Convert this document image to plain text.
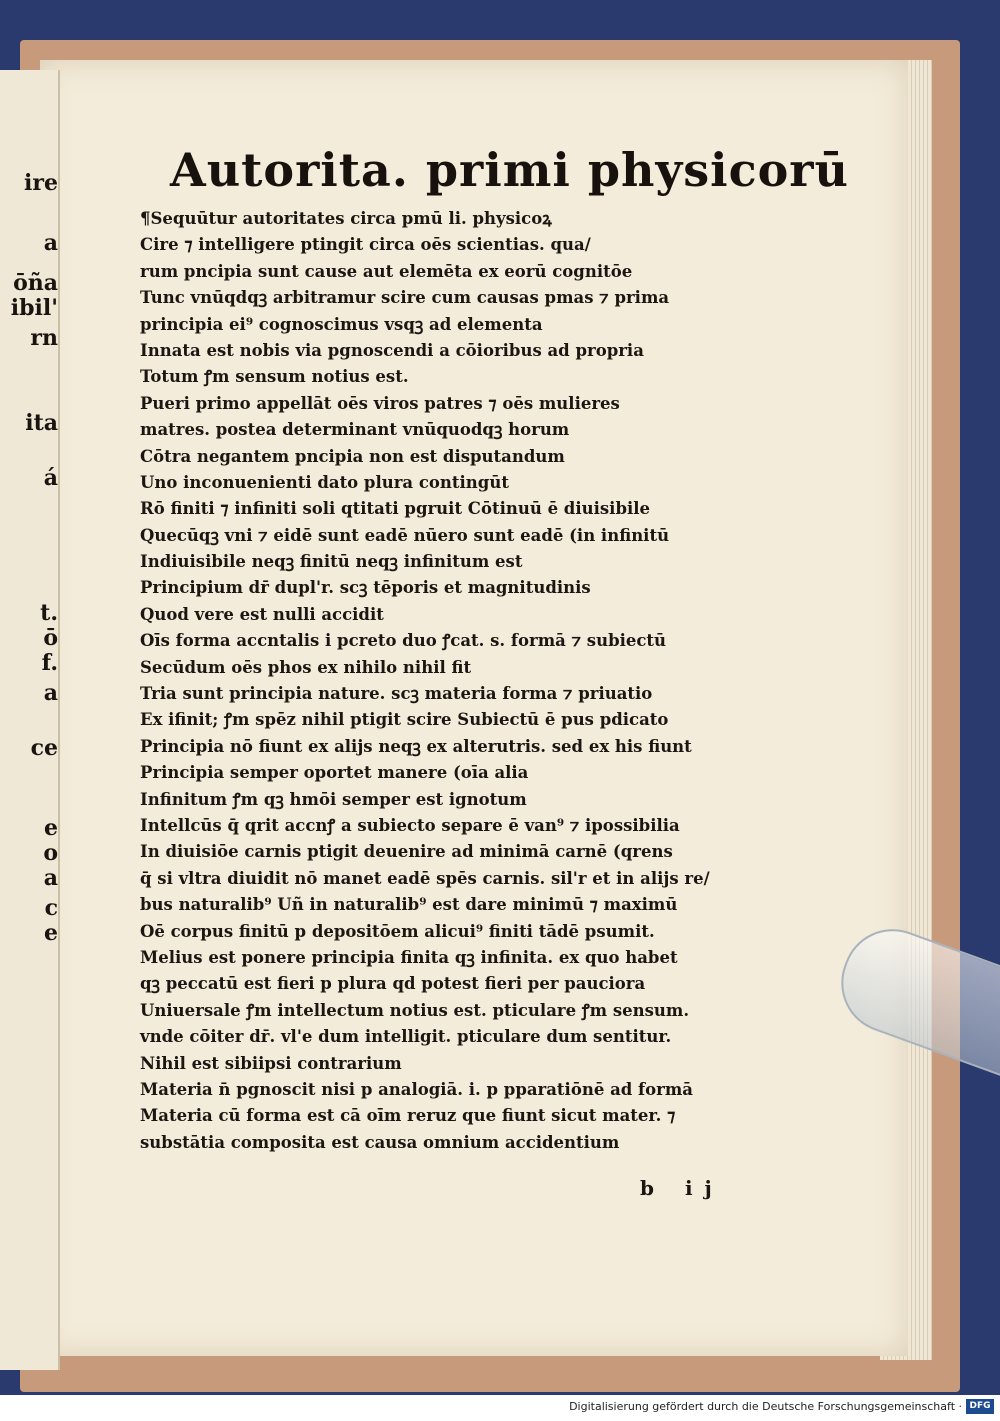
ire
a
ōña
ibil'
rn
ita
á
t.
ō
f.
a
ce
e
o
a
c
e
Autorita. primi physicorū
¶Sequūtur autoritates circa pmū li. physicoꝝ
Cire ⁊ intelligere ptingit circa oēs scientias. qua/
rum pncipia sunt cause aut elemēta ex eorū cognitōe
Tunc vnūqdqꝫ arbitramur scire cum causas pmas ⁊ prima
principia ei⁹ cognoscimus vsqꝫ ad elementa
Innata est nobis via pgnoscendi a cōioribus ad propria
Totum ꝭm sensum notius est.
Pueri primo appellāt oēs viros patres ⁊ oēs mulieres
matres. postea determinant vnūquodqꝫ horum
Cōtra negantem pncipia non est disputandum
Uno inconuenienti dato plura contingūt
Rō finiti ⁊ infiniti soli qtitati pgruit Cōtinuū ē diuisibile
Quecūqꝫ vni ⁊ eidē sunt eadē nūero sunt eadē (in infinitū
Indiuisibile neqꝫ finitū neqꝫ infinitum est
Principium dr̄ dupl'r. scꝫ tēporis et magnitudinis
Quod vere est nulli accidit
Oīs forma accntalis i pcreto duo ꝭcat. s. formā ⁊ subiectū
Secūdum oēs phos ex nihilo nihil fit
Tria sunt principia nature. scꝫ materia forma ⁊ priuatio
Ex ifinit; ꝭm spēz nihil ptigit scire Subiectū ē pus pdicato
Principia nō fiunt ex alijs neqꝫ ex alterutris. sed ex his fiunt
Principia semper oportet manere (oīa alia
Infinitum ꝭm qꝫ hmōi semper est ignotum
Intellcūs q̄ qrit accnꝭ a subiecto separe ē van⁹ ⁊ ipossibilia
In diuisiōe carnis ptigit deuenire ad minimā carnē (qrens
q̄ si vltra diuidit nō manet eadē spēs carnis. sil'r et in alijs re/
bus naturalib⁹ Uñ in naturalib⁹ est dare minimū ⁊ maximū
Oē corpus finitū p depositōem alicui⁹ finiti tādē psumit.
Melius est ponere principia finita qꝫ infinita. ex quo habet
qꝫ peccatū est fieri p plura qd potest fieri per pauciora
Uniuersale ꝭm intellectum notius est. pticulare ꝭm sensum.
vnde cōiter dr̄. vl'e dum intelligit. pticulare dum sentitur.
Nihil est sibiipsi contrarium
Materia n̄ pgnoscit nisi p analogiā. i. p pparatiōnē ad formā
Materia cū forma est cā oīm reruz que fiunt sicut mater. ⁊
substātia composita est causa omnium accidentium
b ij
Digitalisierung gefördert durch die Deutsche Forschungsgemeinschaft · DFG
